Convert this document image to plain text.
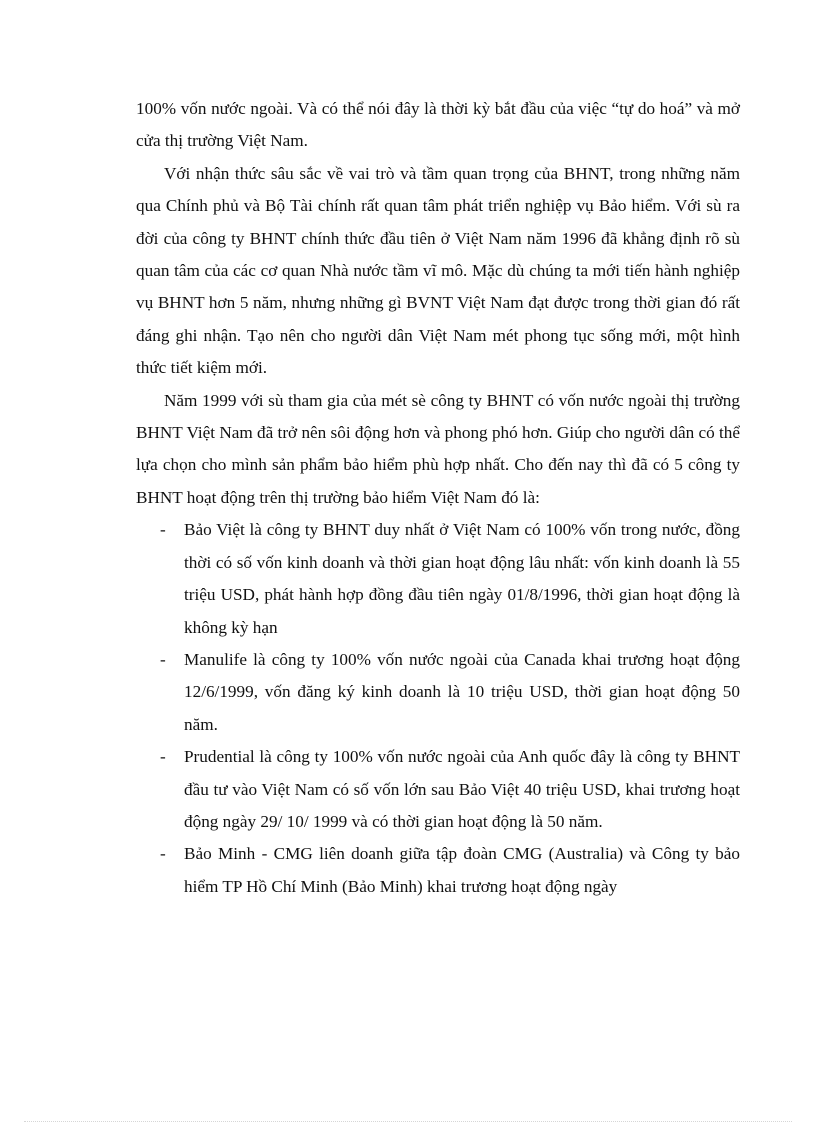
100% vốn nước ngoài. Và có thể nói đây là thời kỳ bắt đầu của việc “tự do hoá” và mở cửa thị trường Việt Nam.

Với nhận thức sâu sắc về vai trò và tầm quan trọng của BHNT, trong những năm qua Chính phủ và Bộ Tài chính rất quan tâm phát triển nghiệp vụ Bảo hiểm. Với sù ra đời của công ty BHNT chính thức đầu tiên ở Việt Nam năm 1996 đã khẳng định rõ sù quan tâm của các cơ quan Nhà nước tầm vĩ mô. Mặc dù chúng ta mới tiến hành nghiệp vụ BHNT hơn 5 năm, nhưng những gì BVNT Việt Nam đạt được trong thời gian đó rất đáng ghi nhận. Tạo nên cho người dân Việt Nam mét phong tục sống mới, một hình thức tiết kiệm mới.

Năm 1999 với sù tham gia của mét sè công ty BHNT có vốn nước ngoài thị trường BHNT Việt Nam đã trở nên sôi động hơn và phong phó hơn. Giúp cho người dân có thể lựa chọn cho mình sản phẩm bảo hiểm phù hợp nhất. Cho đến nay thì đã có 5 công ty BHNT hoạt động trên thị trường bảo hiểm Việt Nam đó là:

- Bảo Việt là công ty BHNT duy nhất ở Việt Nam có 100% vốn trong nước, đồng thời có số vốn kinh doanh và thời gian hoạt động lâu nhất: vốn kinh doanh là 55 triệu USD, phát hành hợp đồng đầu tiên ngày 01/8/1996, thời gian hoạt động là không kỳ hạn
- Manulife là công ty 100% vốn nước ngoài của Canada khai trương hoạt động 12/6/1999, vốn đăng ký kinh doanh là 10 triệu USD, thời gian hoạt động 50 năm.
- Prudential là công ty 100% vốn nước ngoài của Anh quốc đây là công ty BHNT đầu tư vào Việt Nam có số vốn lớn sau Bảo Việt 40 triệu USD, khai trương hoạt động ngày 29/ 10/ 1999 và có thời gian hoạt động là 50 năm.
- Bảo Minh - CMG liên doanh giữa tập đoàn CMG (Australia) và Công ty bảo hiểm TP Hồ Chí Minh (Bảo Minh) khai trương hoạt động ngày
